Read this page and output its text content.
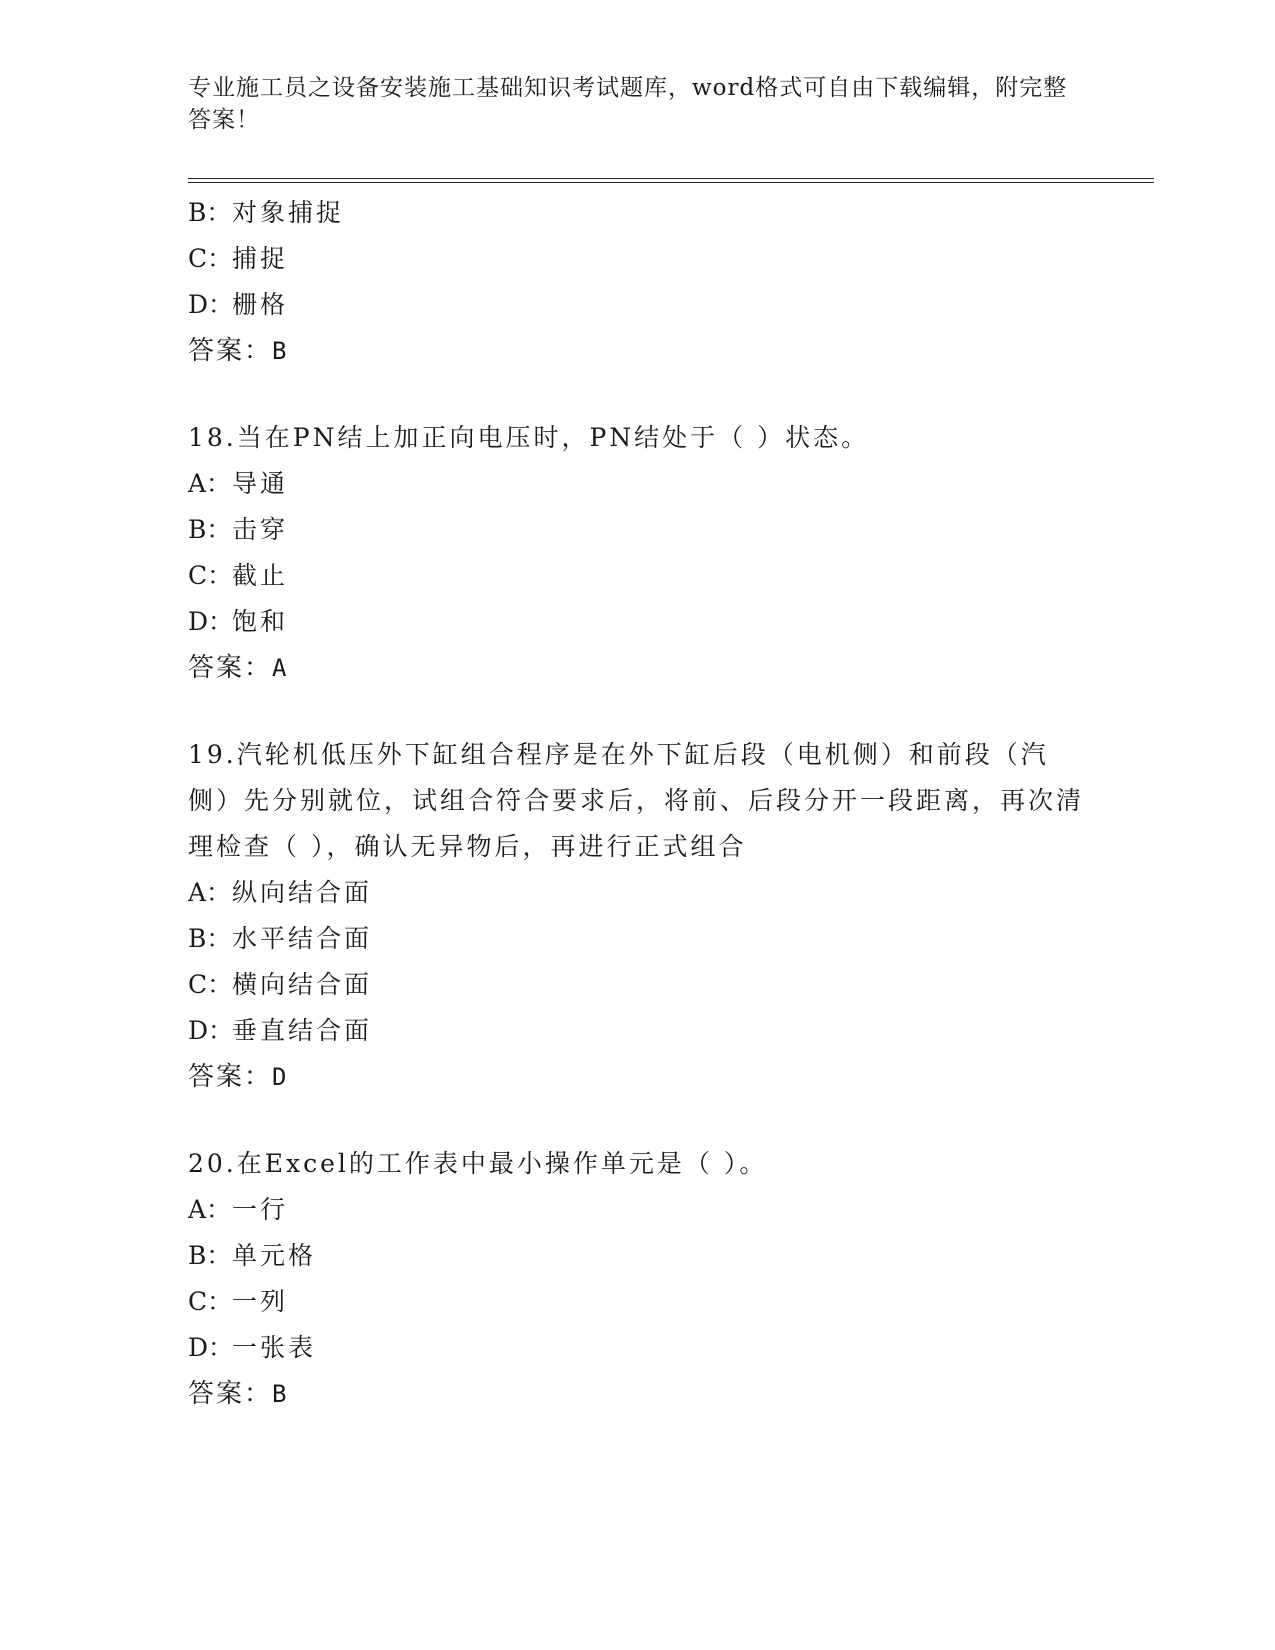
专业施工员之设备安装施工基础知识考试题库，word格式可自由下载编辑，附完整答案！
B：对象捕捉
C：捕捉
D：栅格
答案：B
18.当在PN结上加正向电压时，PN结处于（ ）状态。
A：导通
B：击穿
C：截止
D：饱和
答案：A
19.汽轮机低压外下缸组合程序是在外下缸后段（电机侧）和前段（汽侧）先分别就位，试组合符合要求后，将前、后段分开一段距离，再次清理检查（ ），确认无异物后，再进行正式组合
A：纵向结合面
B：水平结合面
C：横向结合面
D：垂直结合面
答案：D
20.在Excel的工作表中最小操作单元是（ ）。
A：一行
B：单元格
C：一列
D：一张表
答案：B
